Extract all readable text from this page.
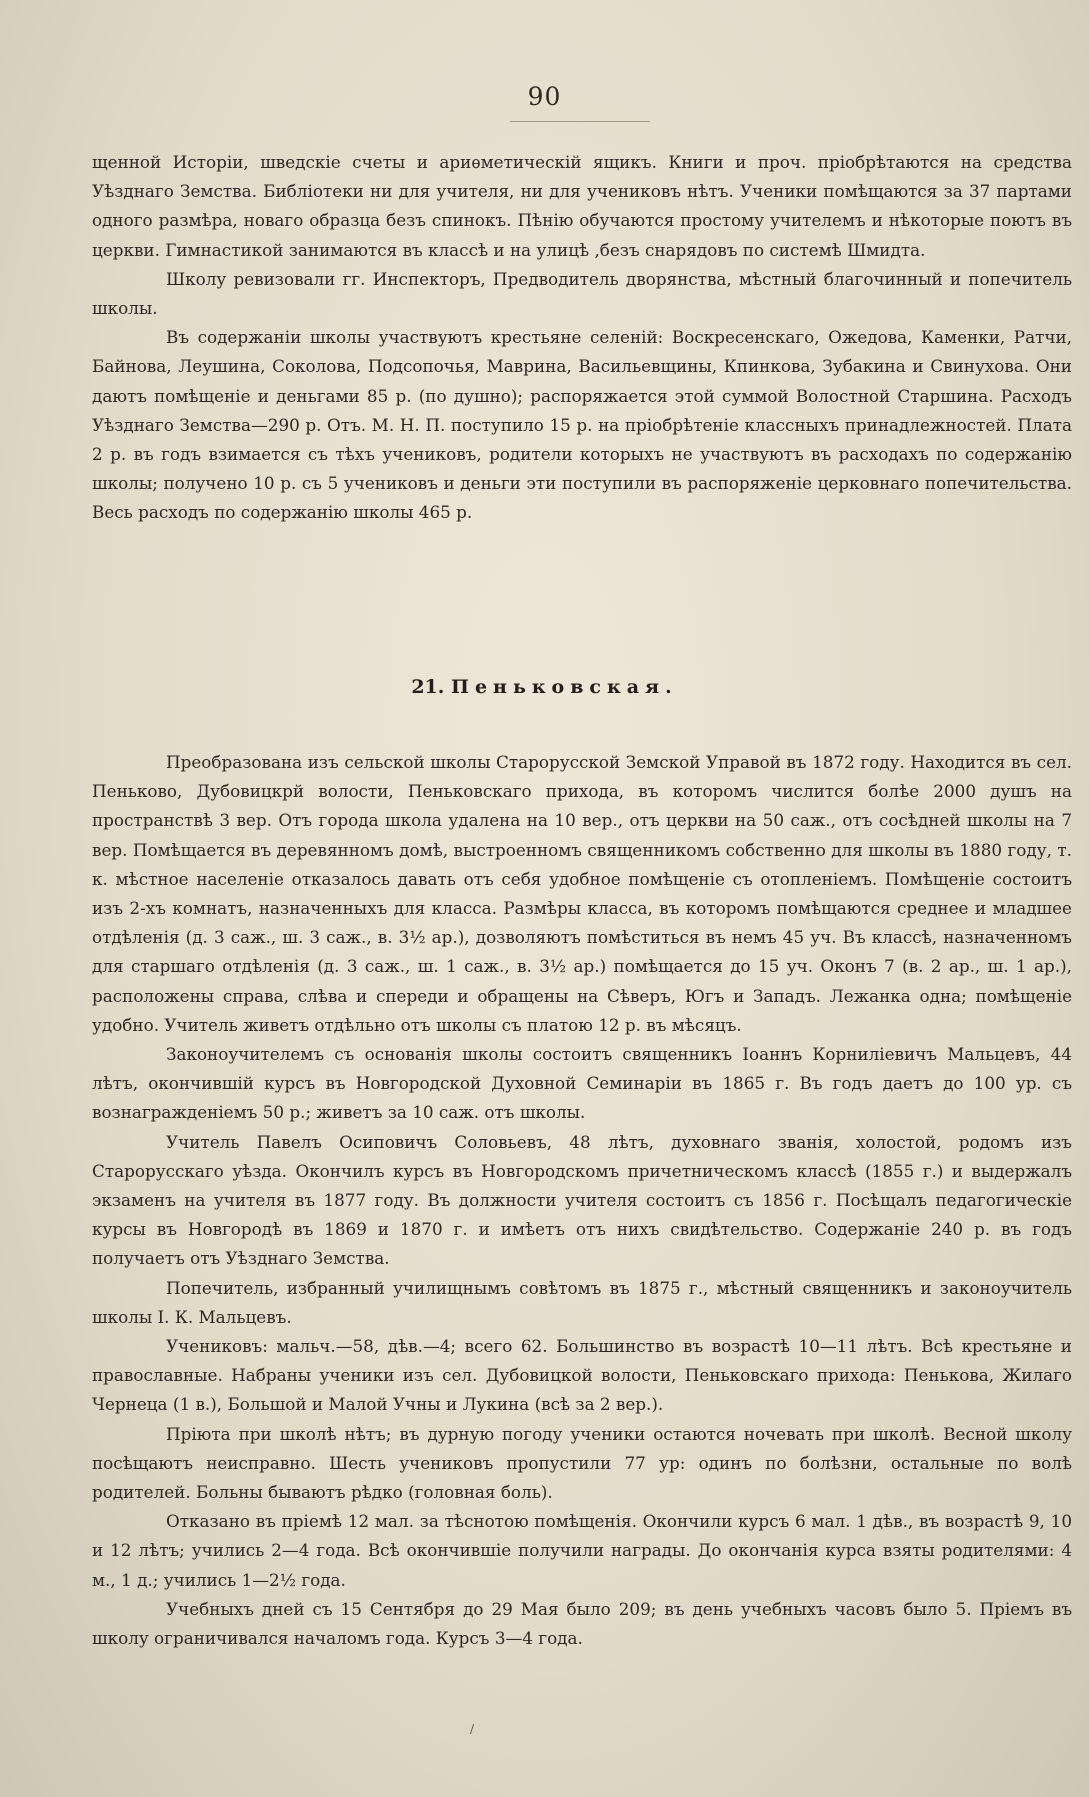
90

щенной Исторіи, шведскіе счеты и ариѳметическій ящикъ. Книги и проч. пріобрѣтаются на средства Уѣзднаго Земства. Библіотеки ни для учителя, ни для учениковъ нѣтъ. Ученики помѣщаются за 37 партами одного размѣра, новаго образца безъ спинокъ. Пѣнію обучаются простому учителемъ и нѣкоторые поютъ въ церкви. Гимнастикой занимаются въ классѣ и на улицѣ ,безъ снарядовъ по системѣ Шмидта.

Школу ревизовали гг. Инспекторъ, Предводитель дворянства, мѣстный благочинный и попечитель школы.

Въ содержаніи школы участвуютъ крестьяне селеній: Воскресенскаго, Ожедова, Каменки, Ратчи, Байнова, Леушина, Соколова, Подсопочья, Маврина, Васильевщины, Кпинкова, Зубакина и Свинухова. Они даютъ помѣщеніе и деньгами 85 р. (по душно); распоряжается этой суммой Волостной Старшина. Расходъ Уѣзднаго Земства—290 р. Отъ. М. Н. П. поступило 15 р. на пріобрѣтеніе классныхъ принадлежностей. Плата 2 р. въ годъ взимается съ тѣхъ учениковъ, родители которыхъ не участвуютъ въ расходахъ по содержанію школы; получено 10 р. съ 5 учениковъ и деньги эти поступили въ распоряженіе церковнаго попечительства. Весь расходъ по содержанію школы 465 р.

21. Пеньковская.

Преобразована изъ сельской школы Старорусской Земской Управой въ 1872 году. Находится въ сел. Пеньково, Дубовицкрй волости, Пеньковскаго прихода, въ которомъ числится болѣе 2000 душъ на пространствѣ 3 вер. Отъ города школа удалена на 10 вер., отъ церкви на 50 саж., отъ сосѣдней школы на 7 вер. Помѣщается въ деревянномъ домѣ, выстроенномъ священникомъ собственно для школы въ 1880 году, т. к. мѣстное населеніе отказалось давать отъ себя удобное помѣщеніе съ отопленіемъ. Помѣщеніе состоитъ изъ 2-хъ комнатъ, назначенныхъ для класса. Размѣры класса, въ которомъ помѣщаются среднее и младшее отдѣленія (д. 3 саж., ш. 3 саж., в. 3½ ар.), дозволяютъ помѣститься въ немъ 45 уч. Въ классѣ, назначенномъ для старшаго отдѣленія (д. 3 саж., ш. 1 саж., в. 3½ ар.) помѣщается до 15 уч. Оконъ 7 (в. 2 ар., ш. 1 ар.), расположены справа, слѣва и спереди и обращены на Сѣверъ, Югъ и Западъ. Лежанка одна; помѣщеніе удобно. Учитель живетъ отдѣльно отъ школы съ платою 12 р. въ мѣсяцъ.

Законоучителемъ съ основанія школы состоитъ священникъ Іоаннъ Корниліевичъ Мальцевъ, 44 лѣтъ, окончившій курсъ въ Новгородской Духовной Семинаріи въ 1865 г. Въ годъ даетъ до 100 ур. съ вознагражденіемъ 50 р.; живетъ за 10 саж. отъ школы.

Учитель Павелъ Осиповичъ Соловьевъ, 48 лѣтъ, духовнаго званія, холостой, родомъ изъ Старорусскаго уѣзда. Окончилъ курсъ въ Новгородскомъ причетническомъ классѣ (1855 г.) и выдержалъ экзаменъ на учителя въ 1877 году. Въ должности учителя состоитъ съ 1856 г. Посѣщалъ педагогическіе курсы въ Новгородѣ въ 1869 и 1870 г. и имѣетъ отъ нихъ свидѣтельство. Содержаніе 240 р. въ годъ получаетъ отъ Уѣзднаго Земства.

Попечитель, избранный училищнымъ совѣтомъ въ 1875 г., мѣстный священникъ и законоучитель школы І. К. Мальцевъ.

Учениковъ: мальч.—58, дѣв.—4; всего 62. Большинство въ возрастѣ 10—11 лѣтъ. Всѣ крестьяне и православные. Набраны ученики изъ сел. Дубовицкой волости, Пеньковскаго прихода: Пенькова, Жилаго Чернеца (1 в.), Большой и Малой Учны и Лукина (всѣ за 2 вер.).

Пріюта при школѣ нѣтъ; въ дурную погоду ученики остаются ночевать при школѣ. Весной школу посѣщаютъ неисправно. Шесть учениковъ пропустили 77 ур: одинъ по болѣзни, остальные по волѣ родителей. Больны бываютъ рѣдко (головная боль).

Отказано въ пріемѣ 12 мал. за тѣснотою помѣщенія. Окончили курсъ 6 мал. 1 дѣв., въ возрастѣ 9, 10 и 12 лѣтъ; учились 2—4 года. Всѣ окончившіе получили награды. До окончанія курса взяты родителями: 4 м., 1 д.; учились 1—2½ года.

Учебныхъ дней съ 15 Сентября до 29 Мая было 209; въ день учебныхъ часовъ было 5. Пріемъ въ школу ограничивался началомъ года. Курсъ 3—4 года.

/
